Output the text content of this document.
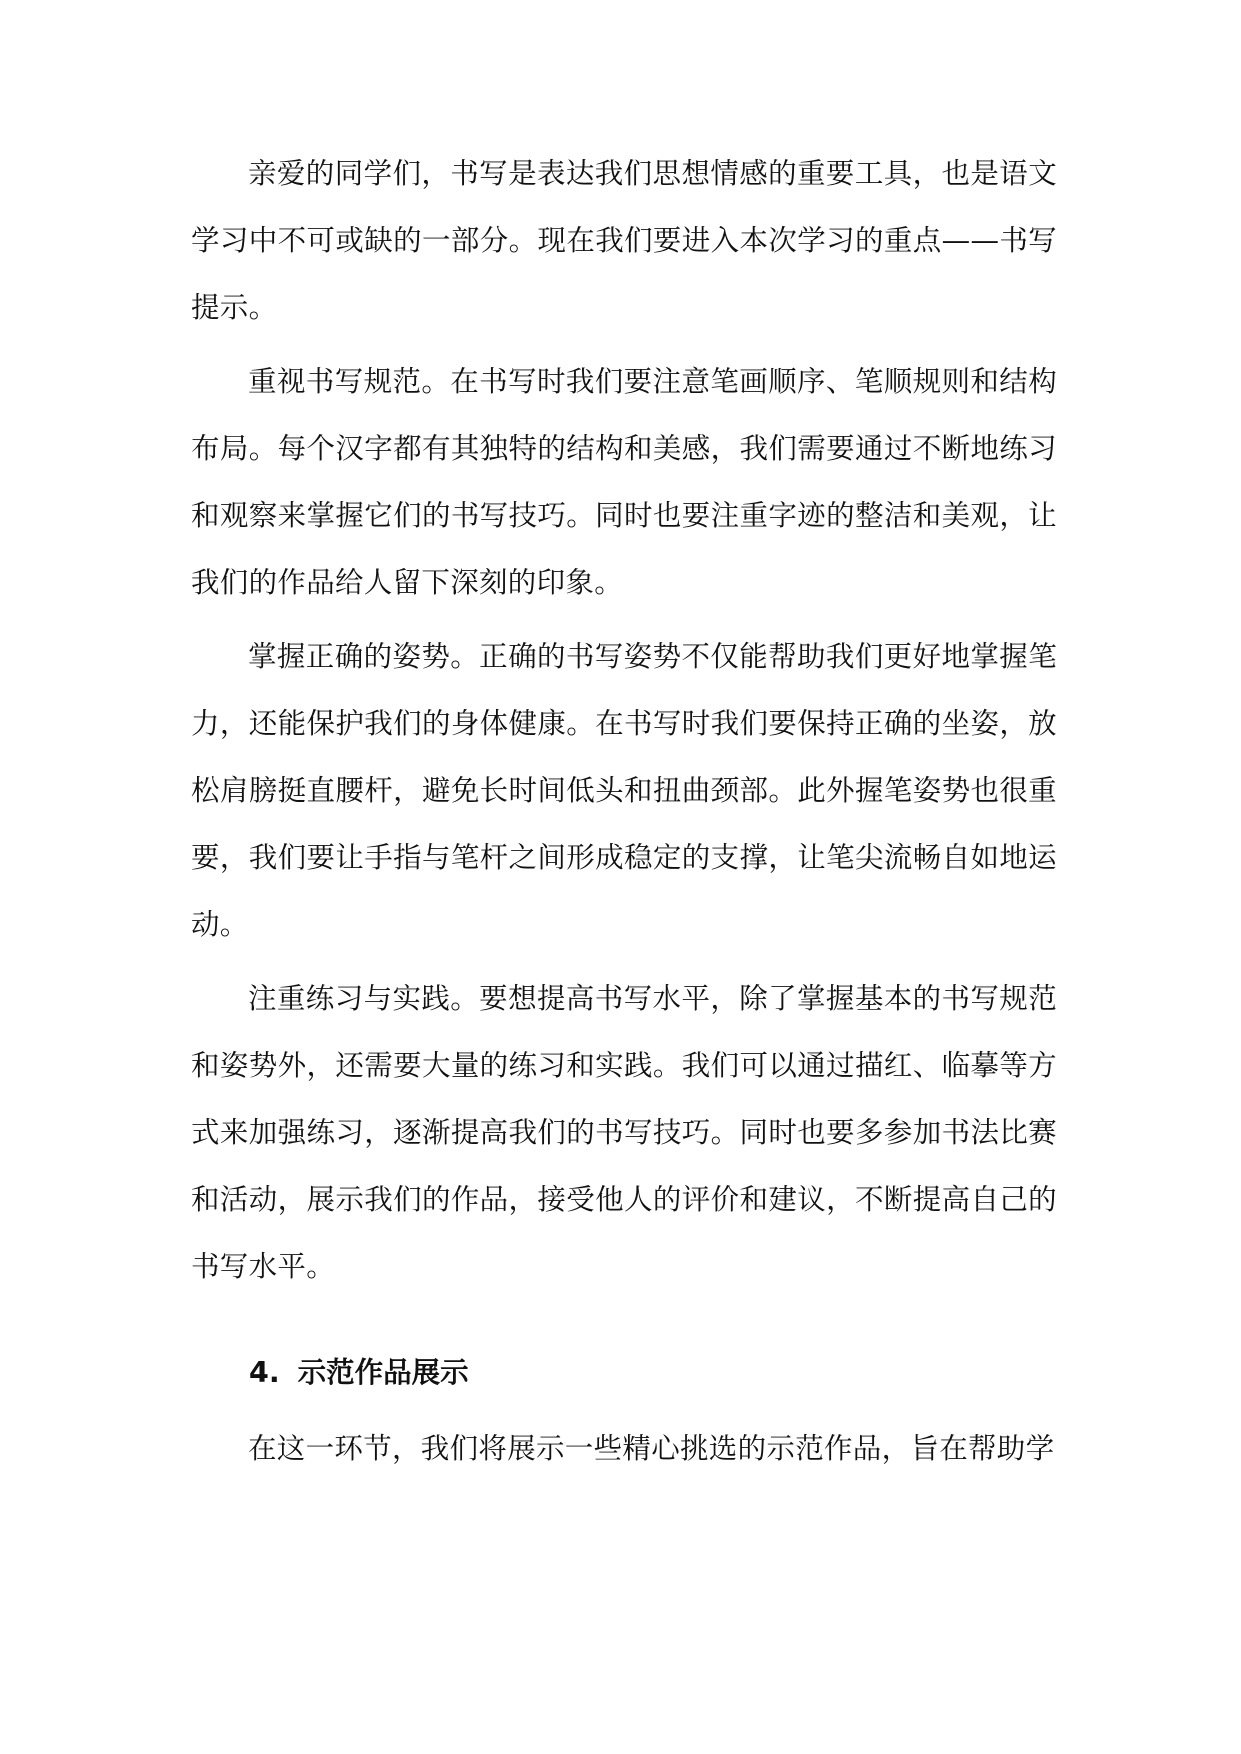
亲爱的同学们，书写是表达我们思想情感的重要工具，也是语文学习中不可或缺的一部分。现在我们要进入本次学习的重点——书写提示。

重视书写规范。在书写时我们要注意笔画顺序、笔顺规则和结构布局。每个汉字都有其独特的结构和美感，我们需要通过不断地练习和观察来掌握它们的书写技巧。同时也要注重字迹的整洁和美观，让我们的作品给人留下深刻的印象。

掌握正确的姿势。正确的书写姿势不仅能帮助我们更好地掌握笔力，还能保护我们的身体健康。在书写时我们要保持正确的坐姿，放松肩膀挺直腰杆，避免长时间低头和扭曲颈部。此外握笔姿势也很重要，我们要让手指与笔杆之间形成稳定的支撑，让笔尖流畅自如地运动。

注重练习与实践。要想提高书写水平，除了掌握基本的书写规范和姿势外，还需要大量的练习和实践。我们可以通过描红、临摹等方式来加强练习，逐渐提高我们的书写技巧。同时也要多参加书法比赛和活动，展示我们的作品，接受他人的评价和建议，不断提高自己的书写水平。

4. 示范作品展示

在这一环节，我们将展示一些精心挑选的示范作品，旨在帮助学
